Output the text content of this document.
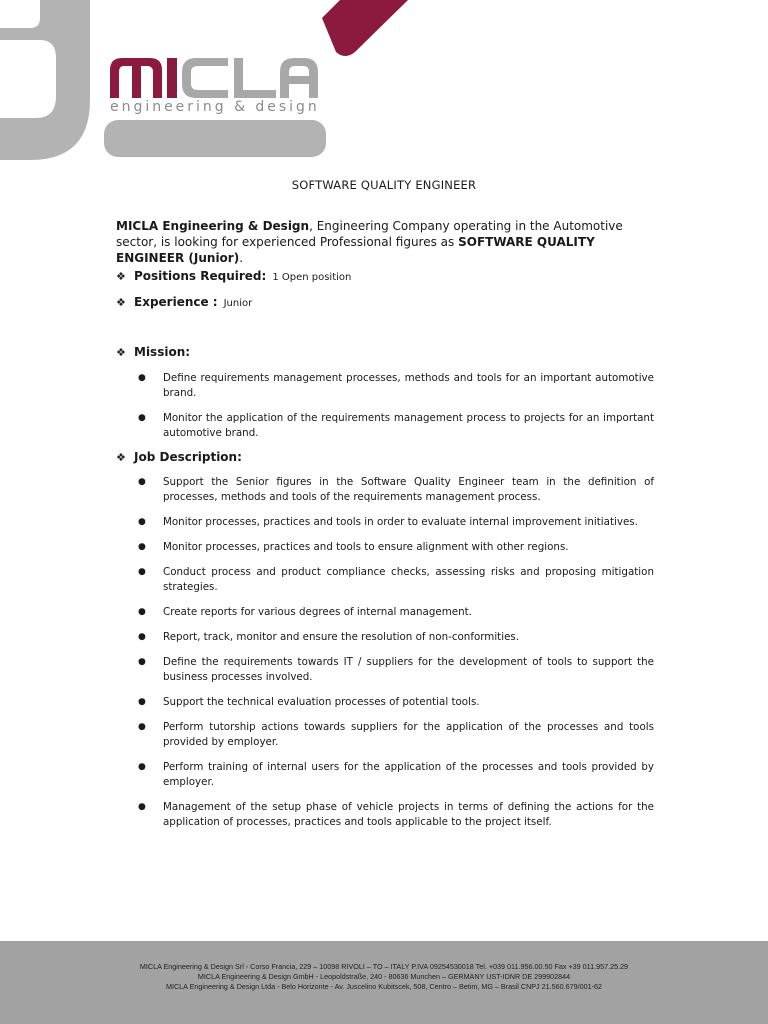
engineering & design
SOFTWARE QUALITY ENGINEER
MICLA Engineering & Design, Engineering Company operating in the Automotive sector, is looking for experienced Professional figures as SOFTWARE QUALITY ENGINEER (Junior).
❖ Positions Required: 1 Open position
❖ Experience : Junior
❖ Mission:
● Define requirements management processes, methods and tools for an important automotive brand.
● Monitor the application of the requirements management process to projects for an important automotive brand.
❖ Job Description:
● Support the Senior figures in the Software Quality Engineer team in the definition of processes, methods and tools of the requirements management process.
● Monitor processes, practices and tools in order to evaluate internal improvement initiatives.
● Monitor processes, practices and tools to ensure alignment with other regions.
● Conduct process and product compliance checks, assessing risks and proposing mitigation strategies.
● Create reports for various degrees of internal management.
● Report, track, monitor and ensure the resolution of non-conformities.
● Define the requirements towards IT / suppliers for the development of tools to support the business processes involved.
● Support the technical evaluation processes of potential tools.
● Perform tutorship actions towards suppliers for the application of the processes and tools provided by employer.
● Perform training of internal users for the application of the processes and tools provided by employer.
● Management of the setup phase of vehicle projects in terms of defining the actions for the application of processes, practices and tools applicable to the project itself.
MICLA Engineering & Design Srl - Corso Francia, 229 – 10098 RIVOLI – TO – ITALY P.IVA 09254530018 Tel. +039 011.956.00.50 Fax +39 011.957.25.29
MICLA Engineering & Design GmbH - Leopoldstraße, 240 - 80636 Munchen – GERMANY UST-IDNR DE 299902844
MICLA Engineering & Design Ltda - Belo Horizonte - Av. Juscelino Kubitscek, 508, Centro – Betim, MG – Brasil CNPJ 21.560.679/001-62
